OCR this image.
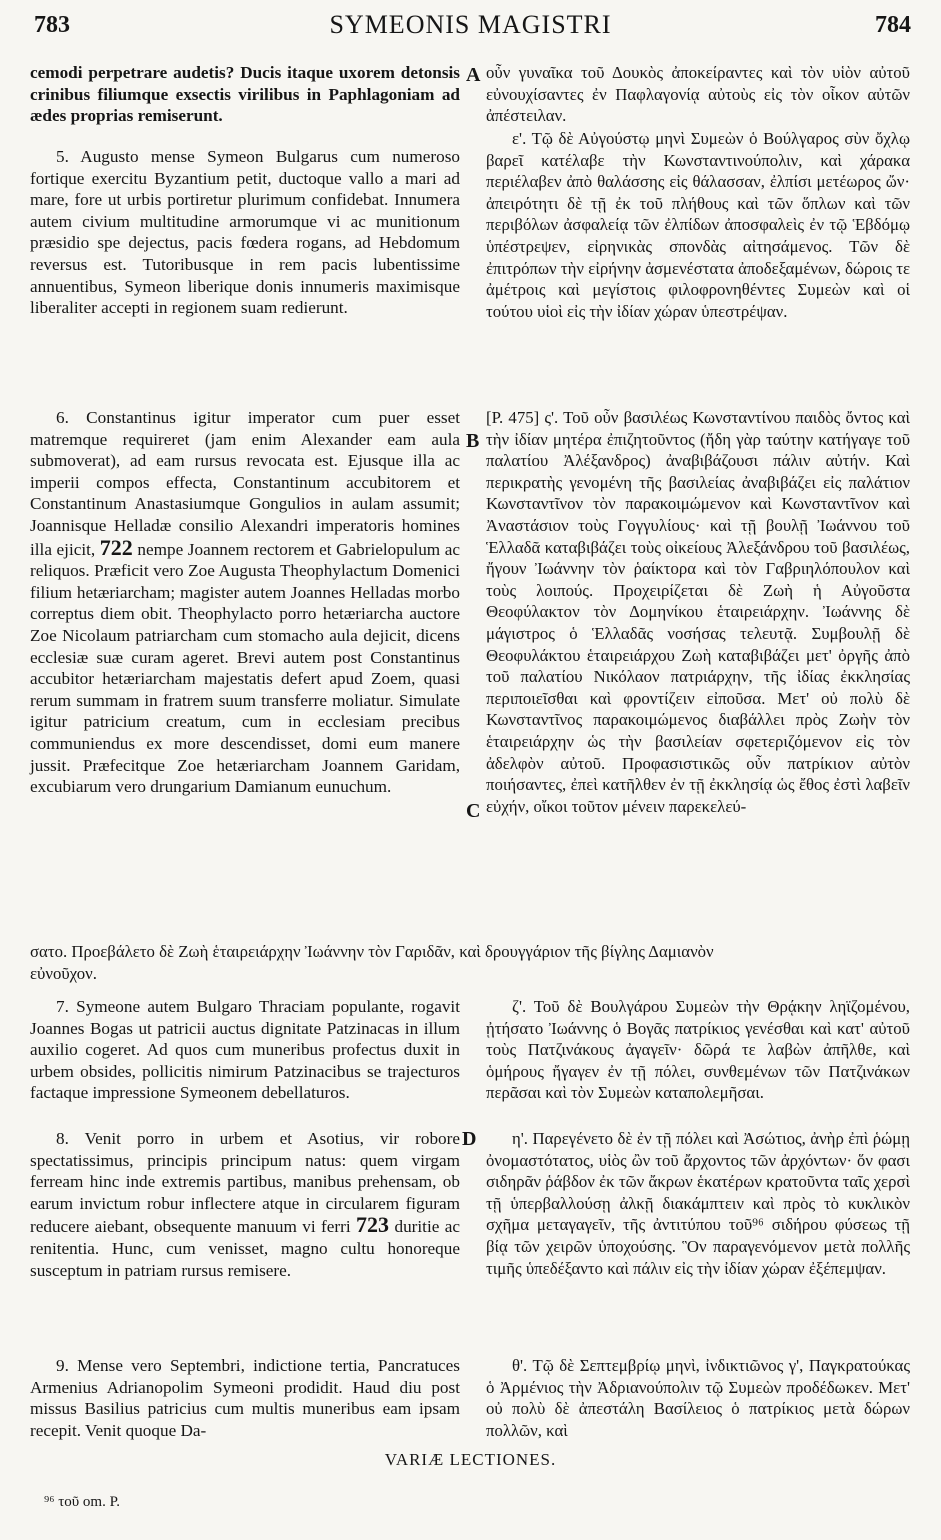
783	SYMEONIS MAGISTRI	784

cemodi perpetrare audetis? Ducis itaque uxorem detonsis crinibus filiumque exsectis virilibus in Paphlagoniam ad ædes proprias remiserunt.

5. Augusto mense Symeon Bulgarus cum numeroso fortique exercitu Byzantium petit, ductoque vallo a mari ad mare, fore ut urbis portiretur plurimum confidebat. Innumera autem civium multitudine armorumque vi ac munitionum præsidio spe dejectus, pacis fœdera rogans, ad Hebdomum reversus est. Tutoribusque in rem pacis lubentissime annuentibus, Symeon liberique donis innumeris maximisque liberaliter accepti in regionem suam redierunt.

6. Constantinus igitur imperator cum puer esset matremque requireret (jam enim Alexander eam aula submoverat), ad eam rursus revocata est. Ejusque illa ac imperii compos effecta, Constantinum accubitorem et Constantinum Anastasiumque Gongulios in aulam assumit; Joannisque Helladæ consilio Alexandri imperatoris homines illa ejicit, 722 nempe Joannem rectorem et Gabrielopulum ac reliquos. Præficit vero Zoe Augusta Theophylactum Domenici filium hetæriarcham; magister autem Joannes Helladas morbo correptus diem obit. Theophylacto porro hetæriarcha auctore Zoe Nicolaum patriarcham cum stomacho aula dejicit, dicens ecclesiæ suæ curam ageret. Brevi autem post Constantinus accubitor hetæriarcham majestatis defert apud Zoem, quasi rerum summam in fratrem suum transferre moliatur. Simulate igitur patricium creatum, cum in ecclesiam precibus communiendus ex more descendisset, domi eum manere jussit. Præfecitque Zoe hetæriarcham Joannem Garidam, excubiarum vero drungarium Damianum eunuchum.

7. Symeone autem Bulgaro Thraciam populante, rogavit Joannes Bogas ut patricii auctus dignitate Patzinacas in illum auxilio cogeret. Ad quos cum muneribus profectus duxit in urbem obsides, pollicitis nimirum Patzinacibus se trajecturos factaque impressione Symeonem debellaturos.

8. Venit porro in urbem et Asotius, vir robore spectatissimus, principis principum natus: quem virgam ferream hinc inde extremis partibus, manibus prehensam, ob earum invictum robur inflectere atque in circularem figuram reducere aiebant, obsequente manuum vi ferri 723 duritie ac renitentia. Hunc, cum venisset, magno cultu honoreque susceptum in patriam rursus remisere.

9. Mense vero Septembri, indictione tertia, Pancratuces Armenius Adrianopolim Symeoni prodidit. Haud diu post missus Basilius patricius cum multis muneribus eam ipsam recepit. Venit quoque Da-

οὖν γυναῖκα τοῦ Δουκὸς ἀποκείραντες καὶ τὸν υἱὸν αὐτοῦ εὐνουχίσαντες ἐν Παφλαγονίᾳ αὐτοὺς εἰς τὸν οἶκον αὐτῶν ἀπέστειλαν.

ε'. Τῷ δὲ Αὐγούστῳ μηνὶ Συμεὼν ὁ Βούλγαρος σὺν ὄχλῳ βαρεῖ κατέλαβε τὴν Κωνσταντινούπολιν, καὶ χάρακα περιέλαβεν ἀπὸ θαλάσσης εἰς θάλασσαν, ἐλπίσι μετέωρος ὤν· ἀπειρότητι δὲ τῇ ἐκ τοῦ πλήθους καὶ τῶν ὅπλων καὶ τῶν περιβόλων ἀσφαλείᾳ τῶν ἐλπίδων ἀποσφαλεὶς ἐν τῷ Ἑβδόμῳ ὑπέστρεψεν, εἰρηνικὰς σπονδὰς αἰτησάμενος. Τῶν δὲ ἐπιτρόπων τὴν εἰρήνην ἀσμενέστατα ἀποδεξαμένων, δώροις τε ἀμέτροις καὶ μεγίστοις φιλοφρονηθέντες Συμεὼν καὶ οἱ τούτου υἱοὶ εἰς τὴν ἰδίαν χώραν ὑπεστρέψαν.

[P. 475] ς'. Τοῦ οὖν βασιλέως Κωνσταντίνου παιδὸς ὄντος καὶ τὴν ἰδίαν μητέρα ἐπιζητοῦντος (ἤδη γὰρ ταύτην κατήγαγε τοῦ παλατίου Ἀλέξανδρος) ἀναβιβάζουσι πάλιν αὐτήν. Καὶ περικρατὴς γενομένη τῆς βασιλείας ἀναβιβάζει εἰς παλάτιον Κωνσταντῖνον τὸν παρακοιμώμενον καὶ Κωνσταντῖνον καὶ Ἀναστάσιον τοὺς Γογγυλίους· καὶ τῇ βουλῇ Ἰωάννου τοῦ Ἑλλαδᾶ καταβιβάζει τοὺς οἰκείους Ἀλεξάνδρου τοῦ βασιλέως, ἤγουν Ἰωάννην τὸν ῥαίκτορα καὶ τὸν Γαβριηλόπουλον καὶ τοὺς λοιπούς. Προχειρίζεται δὲ Ζωὴ ἡ Αὐγοῦστα Θεοφύλακτον τὸν Δομηνίκου ἑταιρειάρχην. Ἰωάννης δὲ μάγιστρος ὁ Ἑλλαδᾶς νοσήσας τελευτᾷ. Συμβουλῇ δὲ Θεοφυλάκτου ἑταιρειάρχου Ζωὴ καταβιβάζει μετ' ὀργῆς ἀπὸ τοῦ παλατίου Νικόλαον πατριάρχην, τῆς ἰδίας ἐκκλησίας περιποιεῖσθαι καὶ φροντίζειν εἰποῦσα. Μετ' οὐ πολὺ δὲ Κωνσταντῖνος παρακοιμώμενος διαβάλλει πρὸς Ζωὴν τὸν ἑταιρειάρχην ὡς τὴν βασιλείαν σφετεριζόμενον εἰς τὸν ἀδελφὸν αὐτοῦ. Προφασιστικῶς οὖν πατρίκιον αὐτὸν ποιήσαντες, ἐπεὶ κατῆλθεν ἐν τῇ ἐκκλησίᾳ ὡς ἔθος ἐστὶ λαβεῖν εὐχήν, οἴκοι τοῦτον μένειν παρεκελεύ-

σατο. Προεβάλετο δὲ Ζωὴ ἑταιρειάρχην Ἰωάννην τὸν Γαριδᾶν, καὶ δρουγγάριον τῆς βίγλης Δαμιανὸν
εὐνοῦχον.

ζ'. Τοῦ δὲ Βουλγάρου Συμεὼν τὴν Θρᾴκην ληϊζομένου, ᾐτήσατο Ἰωάννης ὁ Βογᾶς πατρίκιος γενέσθαι καὶ κατ' αὐτοῦ τοὺς Πατζινάκους ἀγαγεῖν· δῶρά τε λαβὼν ἀπῆλθε, καὶ ὁμήρους ἤγαγεν ἐν τῇ πόλει, συνθεμένων τῶν Πατζινάκων περᾶσαι καὶ τὸν Συμεὼν καταπολεμῆσαι.

η'. Παρεγένετο δὲ ἐν τῇ πόλει καὶ Ἀσώτιος, ἀνὴρ ἐπὶ ῥώμῃ ὀνομαστότατος, υἱὸς ὢν τοῦ ἄρχοντος τῶν ἀρχόντων· ὅν φασι σιδηρᾶν ῥάβδον ἐκ τῶν ἄκρων ἑκατέρων κρατοῦντα ταῖς χερσὶ τῇ ὑπερβαλλούσῃ ἀλκῇ διακάμπτειν καὶ πρὸς τὸ κυκλικὸν σχῆμα μεταγαγεῖν, τῆς ἀντιτύπου τοῦ⁹⁶ σιδήρου φύσεως τῇ βίᾳ τῶν χειρῶν ὑποχούσης. Ὃν παραγενόμενον μετὰ πολλῆς τιμῆς ὑπεδέξαντο καὶ πάλιν εἰς τὴν ἰδίαν χώραν ἐξέπεμψαν.

θ'. Τῷ δὲ Σεπτεμβρίῳ μηνὶ, ἰνδικτιῶνος γ', Παγκρατούκας ὁ Ἀρμένιος τὴν Ἀδριανούπολιν τῷ Συμεὼν προδέδωκεν. Μετ' οὐ πολὺ δὲ ἀπεστάλη Βασίλειος ὁ πατρίκιος μετὰ δώρων πολλῶν, καὶ

A
B
C
D
VARIÆ LECTIONES.
⁹⁶ τοῦ om. P.
